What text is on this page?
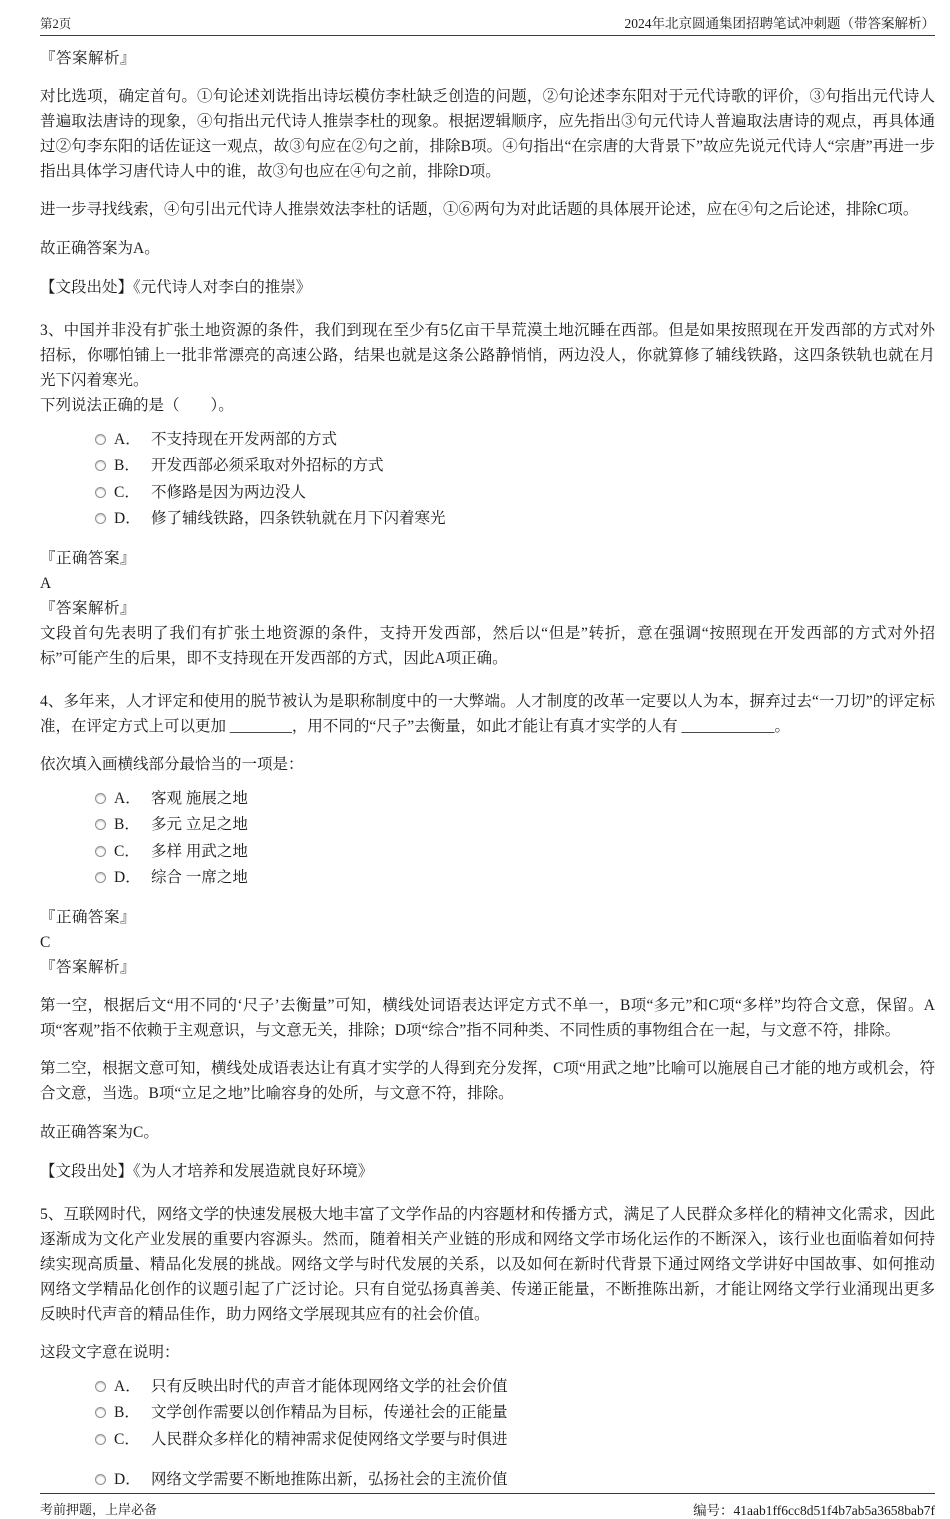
第2页	2024年北京圆通集团招聘笔试冲刺题（带答案解析）

『答案解析』

对比选项，确定首句。①句论述刘诜指出诗坛模仿李杜缺乏创造的问题，②句论述李东阳对于元代诗歌的评价，③句指出元代诗人普遍取法唐诗的现象，④句指出元代诗人推崇李杜的现象。根据逻辑顺序，应先指出③句元代诗人普遍取法唐诗的观点，再具体通过②句李东阳的话佐证这一观点，故③句应在②句之前，排除B项。④句指出“在宗唐的大背景下”故应先说元代诗人“宗唐”再进一步指出具体学习唐代诗人中的谁，故③句也应在④句之前，排除D项。

进一步寻找线索，④句引出元代诗人推崇效法李杜的话题，①⑥两句为对此话题的具体展开论述，应在④句之后论述，排除C项。

故正确答案为A。

【文段出处】《元代诗人对李白的推崇》

3、中国并非没有扩张土地资源的条件，我们到现在至少有5亿亩干旱荒漠土地沉睡在西部。但是如果按照现在开发西部的方式对外招标，你哪怕铺上一批非常漂亮的高速公路，结果也就是这条公路静悄悄，两边没人，你就算修了辅线铁路，这四条铁轨也就在月光下闪着寒光。

下列说法正确的是（　　）。

A． 不支持现在开发两部的方式
B． 开发西部必须采取对外招标的方式
C． 不修路是因为两边没人
D． 修了辅线铁路，四条铁轨就在月下闪着寒光

『正确答案』

A

『答案解析』

文段首句先表明了我们有扩张土地资源的条件，支持开发西部，然后以“但是”转折，意在强调“按照现在开发西部的方式对外招标”可能产生的后果，即不支持现在开发西部的方式，因此A项正确。

4、多年来，人才评定和使用的脱节被认为是职称制度中的一大弊端。人才制度的改革一定要以人为本，摒弃过去“一刀切”的评定标准，在评定方式上可以更加 ________，用不同的“尺子”去衡量，如此才能让有真才实学的人有 ____________。

依次填入画横线部分最恰当的一项是：

A． 客观 施展之地
B． 多元 立足之地
C． 多样 用武之地
D． 综合 一席之地

『正确答案』

C

『答案解析』

第一空，根据后文“用不同的‘尺子’去衡量”可知，横线处词语表达评定方式不单一，B项“多元”和C项“多样”均符合文意，保留。A项“客观”指不依赖于主观意识，与文意无关，排除；D项“综合”指不同种类、不同性质的事物组合在一起，与文意不符，排除。

第二空，根据文意可知，横线处成语表达让有真才实学的人得到充分发挥，C项“用武之地”比喻可以施展自己才能的地方或机会，符合文意，当选。B项“立足之地”比喻容身的处所，与文意不符，排除。

故正确答案为C。

【文段出处】《为人才培养和发展造就良好环境》

5、互联网时代，网络文学的快速发展极大地丰富了文学作品的内容题材和传播方式，满足了人民群众多样化的精神文化需求，因此逐渐成为文化产业发展的重要内容源头。然而，随着相关产业链的形成和网络文学市场化运作的不断深入，该行业也面临着如何持续实现高质量、精品化发展的挑战。网络文学与时代发展的关系，以及如何在新时代背景下通过网络文学讲好中国故事、如何推动网络文学精品化创作的议题引起了广泛讨论。只有自觉弘扬真善美、传递正能量，不断推陈出新，才能让网络文学行业涌现出更多反映时代声音的精品佳作，助力网络文学展现其应有的社会价值。

这段文字意在说明：

A． 只有反映出时代的声音才能体现网络文学的社会价值
B． 文学创作需要以创作精品为目标，传递社会的正能量
C． 人民群众多样化的精神需求促使网络文学要与时俱进
D． 网络文学需要不断地推陈出新，弘扬社会的主流价值
考前押题，上岸必备	编号：41aab1ff6cc8d51f4b7ab5a3658bab7f
